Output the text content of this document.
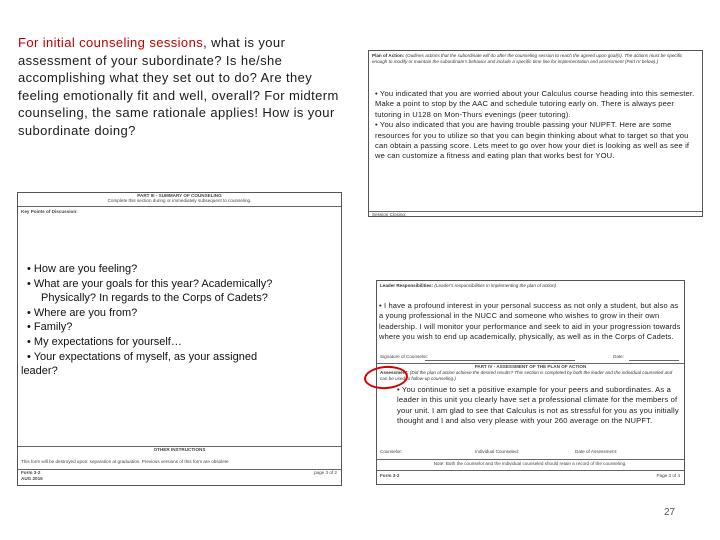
For initial counseling sessions, what is your assessment of your subordinate? Is he/she accomplishing what they set out to do? Are they feeling emotionally fit and well, overall? For midterm counseling, the same rationale applies! How is your subordinate doing?
Plan of Action: (Outlines actions that the subordinate will do after the counseling session to reach the agreed upon goal(s). The actions must be specific enough to modify or maintain the subordinate's behavior and include a specific time line for implementation and assessment (Part IV below).)
• You indicated that you are worried about your Calculus course heading into this semester. Make a point to stop by the AAC and schedule tutoring early on. There is always peer tutoring in U128 on Mon-Thurs evenings (peer tutoring).
• You also indicated that you are having trouble passing your NUPFT. Here are some resources for you to utilize so that you can begin thinking about what to target so that you can obtain a passing score. Lets meet to go over how your diet is looking as well as see if we can customize a fitness and eating plan that works best for YOU.
Session Closing:
PART III - SUMMARY OF COUNSELING
Complete this section during or immediately subsequent to counseling.
Key Points of Discussion:
OTHER INSTRUCTIONS
This form will be destroyed upon: separation at graduation. Previous versions of this form are obsolete
Form 3-2
AUG 2015
page 3 of 2
• How are you feeling?
• What are your goals for this year? Academically?
Physically? In regards to the Corps of Cadets?
• Where are you from?
• Family?
• My expectations for yourself…
• Your expectations of myself, as your assigned
leader?
Leader Responsibilities: (Leader's responsibilities in implementing the plan of action)
• I have a profound interest in your personal success as not only a student, but also as a young professional in the NUCC and someone who wishes to grow in their own leadership. I will monitor your performance and seek to aid in your progression towards where you wish to end up academically, physically, as well as in the Corps of Cadets.
Signature of Counselor:	Date:
PART IV - ASSESSMENT OF THE PLAN OF ACTION
Assessment: (Did the plan of action achieve the desired results? This section is completed by both the leader and the individual counseled and can be used to follow-up counseling.)
• You continue to set a positive example for your peers and subordinates. As a leader in this unit you clearly have set a professional climate for the members of your unit. I am glad to see that Calculus is not as stressful for you as you initially thought and I and also very please with your 260 average on the NUPFT.
Counselor:	Individual Counseled:	Date of Assessment:
Note: Both the counselor and the individual counseled should retain a record of the counseling.
Form 3-2	Page 3 of 4
27
